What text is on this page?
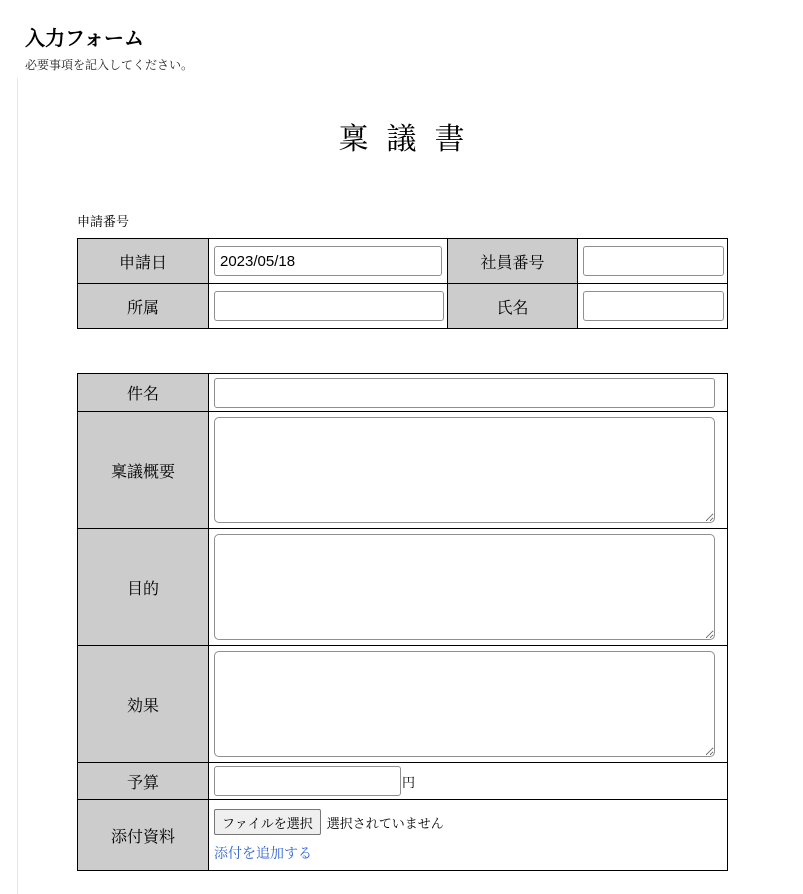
入力フォーム
必要事項を記入してください。
稟議書
申請番号
申請日	2023/05/18	社員番号	
所属		氏名	
件名	
稟議概要	

目的	

効果	

予算	円

添付資料	ファイルを選択 選択されていません
添付を追加する
